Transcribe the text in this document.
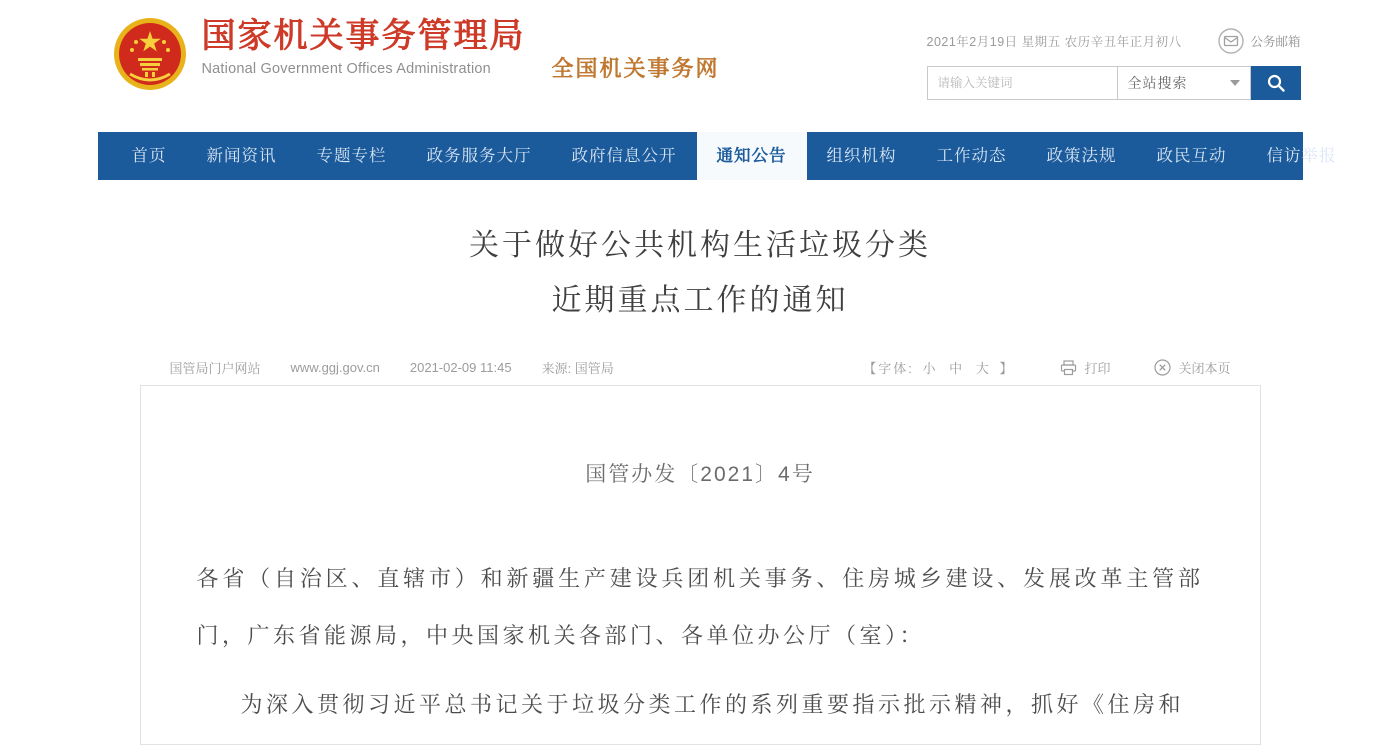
国家机关事务管理局
National Government Offices Administration	全国机关事务网
2021年2月19日 星期五 农历辛丑年正月初八	公务邮箱
请输入关键词
全站搜索
首页	新闻资讯	专题专栏	政务服务大厅	政府信息公开	通知公告	组织机构	工作动态	政策法规	政民互动	信访举报
关于做好公共机构生活垃圾分类
近期重点工作的通知
国管局门户网站 www.ggj.gov.cn 2021-02-09 11:45 来源: 国管局	【字体: 小 中 大 】	打印	关闭本页
国管办发〔2021〕4号

各省（自治区、直辖市）和新疆生产建设兵团机关事务、住房城乡建设、发展改革主管部门，广东省能源局，中央国家机关各部门、各单位办公厅（室）：

为深入贯彻习近平总书记关于垃圾分类工作的系列重要指示批示精神，抓好《住房和
